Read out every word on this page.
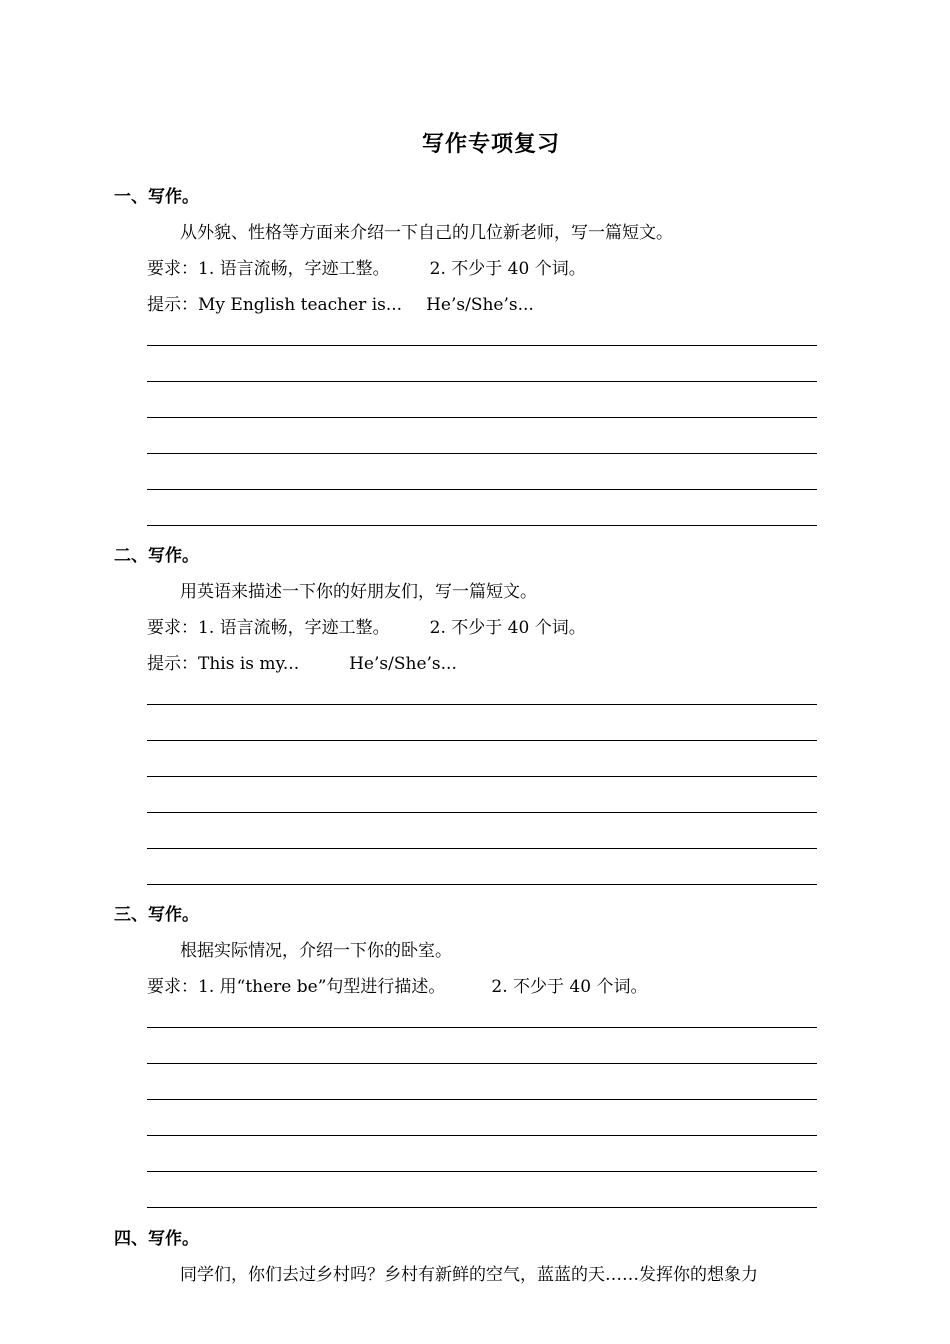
写作专项复习
一、写作。
从外貌、性格等方面来介绍一下自己的几位新老师，写一篇短文。
要求：1. 语言流畅，字迹工整。 2. 不少于 40 个词。
提示：My English teacher is... He’s/She’s...
二、写作。
用英语来描述一下你的好朋友们，写一篇短文。
要求：1. 语言流畅，字迹工整。 2. 不少于 40 个词。
提示：This is my...	He’s/She’s...
三、写作。
根据实际情况，介绍一下你的卧室。
要求：1. 用“there be”句型进行描述。	2. 不少于 40 个词。
四、写作。
同学们，你们去过乡村吗？乡村有新鲜的空气，蓝蓝的天……发挥你的想象力
